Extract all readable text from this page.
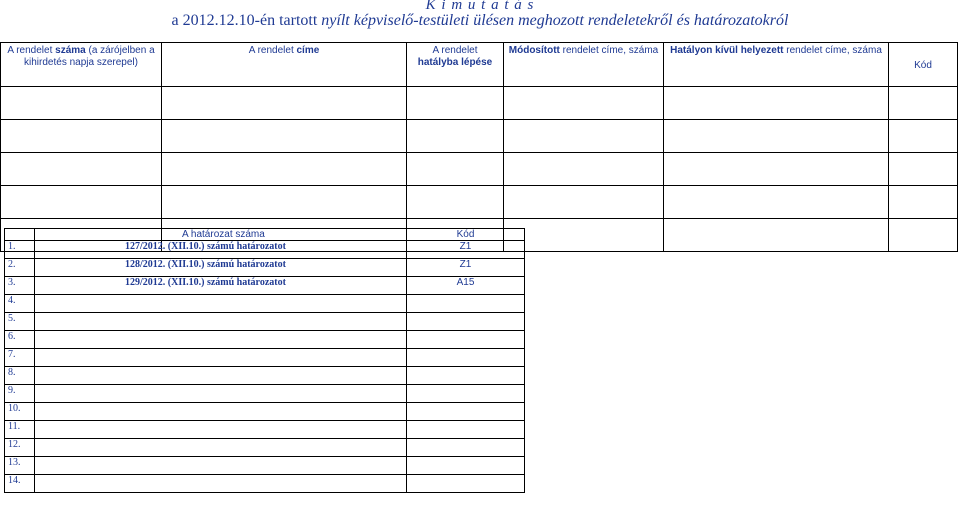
K i m u t a t á s
a 2012.12.10-én tartott nyílt képviselő-testületi ülésen meghozott rendeletekről és határozatokról
A rendelet száma (a zárójelben a kihirdetés napja szerepel)	A rendelet címe	A rendelet
hatályba lépése	Módosított rendelet címe, száma	Hatályon kívül helyezett rendelet címe, száma	Kód

	A határozat száma	Kód
1.	127/2012. (XII.10.) számú határozatot	Z1
2.	128/2012. (XII.10.) számú határozatot	Z1
3.	129/2012. (XII.10.) számú határozatot	A15
4.		
5.		
6.		
7.		
8.		
9.		
10.		
11.		
12.		
13.		
14.		
